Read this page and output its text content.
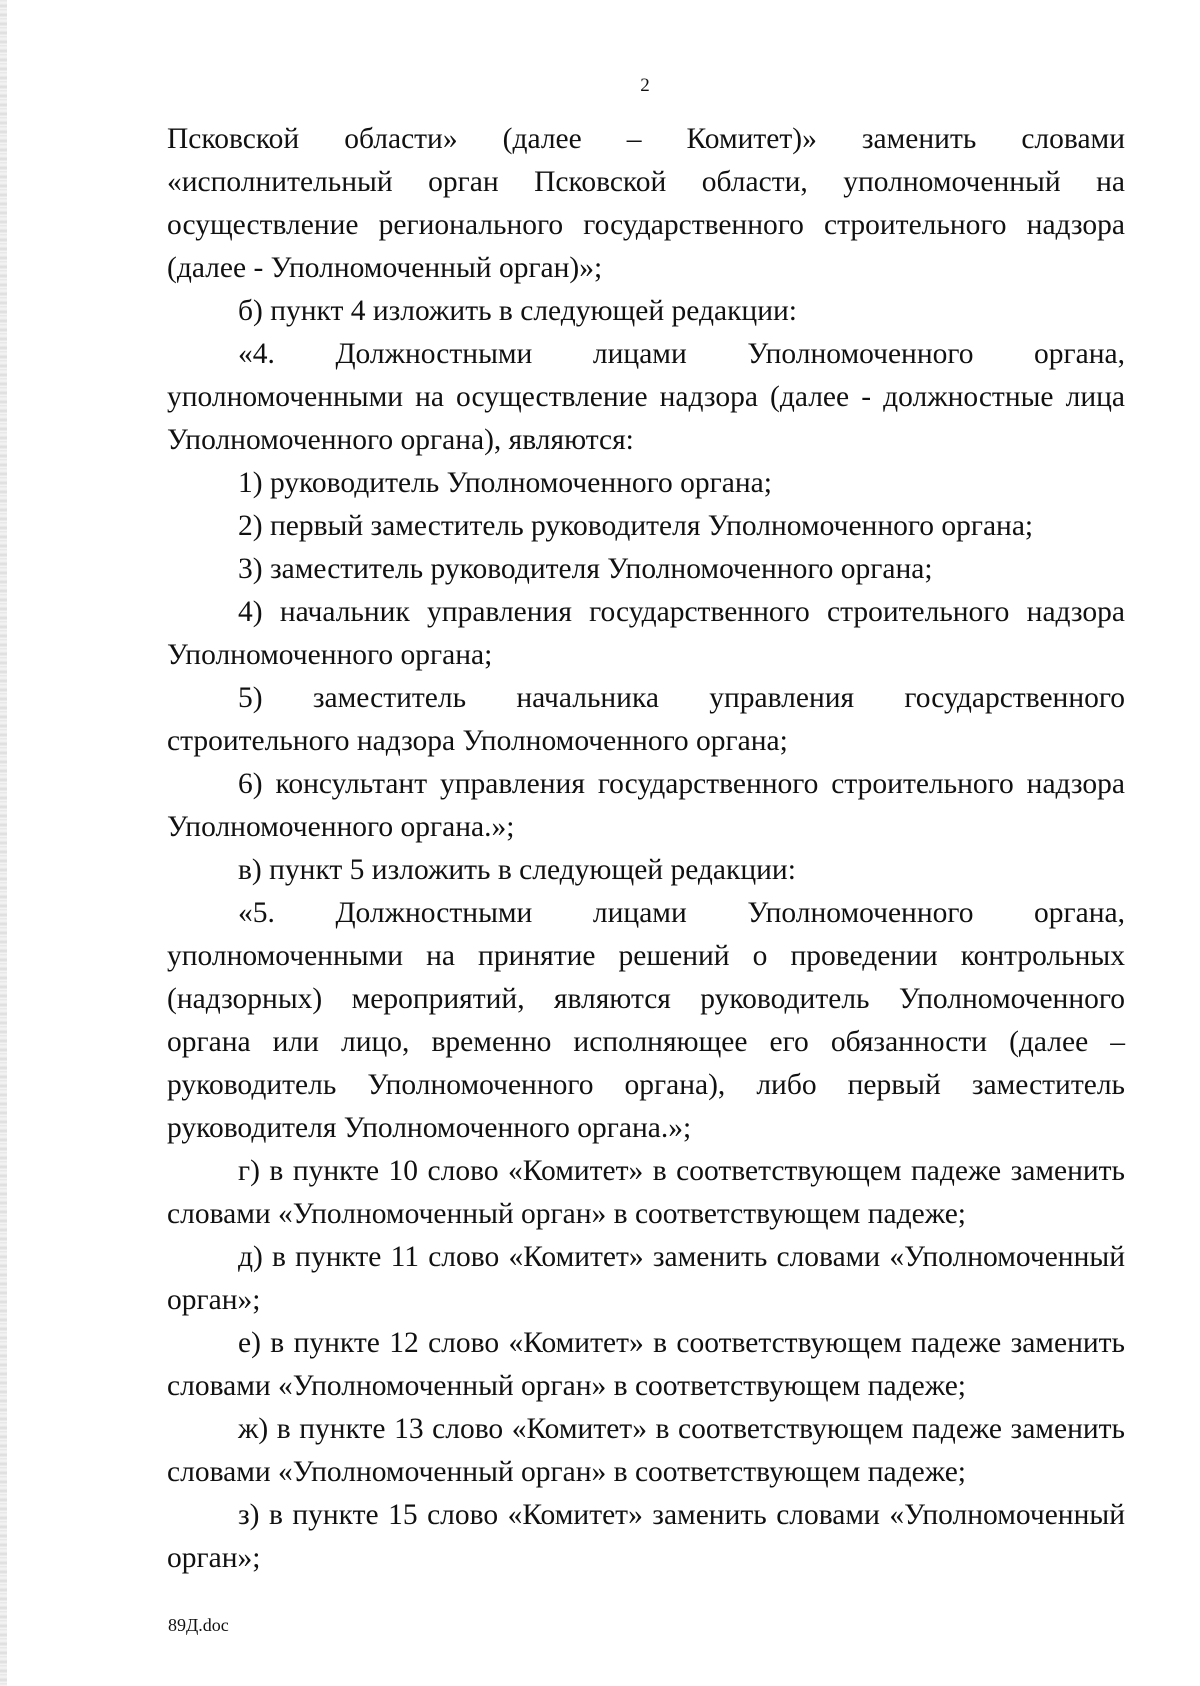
2

Псковской области» (далее – Комитет)» заменить словами «исполнительный орган Псковской области, уполномоченный на осуществление регионального государственного строительного надзора (далее - Уполномоченный орган)»;

б) пункт 4 изложить в следующей редакции:

«4. Должностными лицами Уполномоченного органа, уполномоченными на осуществление надзора (далее - должностные лица Уполномоченного органа), являются:

1) руководитель Уполномоченного органа;

2) первый заместитель руководителя Уполномоченного органа;

3) заместитель руководителя Уполномоченного органа;

4) начальник управления государственного строительного надзора Уполномоченного органа;

5) заместитель начальника управления государственного строительного надзора Уполномоченного органа;

6) консультант управления государственного строительного надзора Уполномоченного органа.»;

в) пункт 5 изложить в следующей редакции:

«5. Должностными лицами Уполномоченного органа, уполномоченными на принятие решений о проведении контрольных (надзорных) мероприятий, являются руководитель Уполномоченного органа или лицо, временно исполняющее его обязанности (далее – руководитель Уполномоченного органа), либо первый заместитель руководителя Уполномоченного органа.»;

г) в пункте 10 слово «Комитет» в соответствующем падеже заменить словами «Уполномоченный орган» в соответствующем падеже;

д) в пункте 11 слово «Комитет» заменить словами «Уполномоченный орган»;

е) в пункте 12 слово «Комитет» в соответствующем падеже заменить словами «Уполномоченный орган» в соответствующем падеже;

ж) в пункте 13 слово «Комитет» в соответствующем падеже заменить словами «Уполномоченный орган» в соответствующем падеже;

з) в пункте 15 слово «Комитет» заменить словами «Уполномоченный орган»;

89Д.doc
